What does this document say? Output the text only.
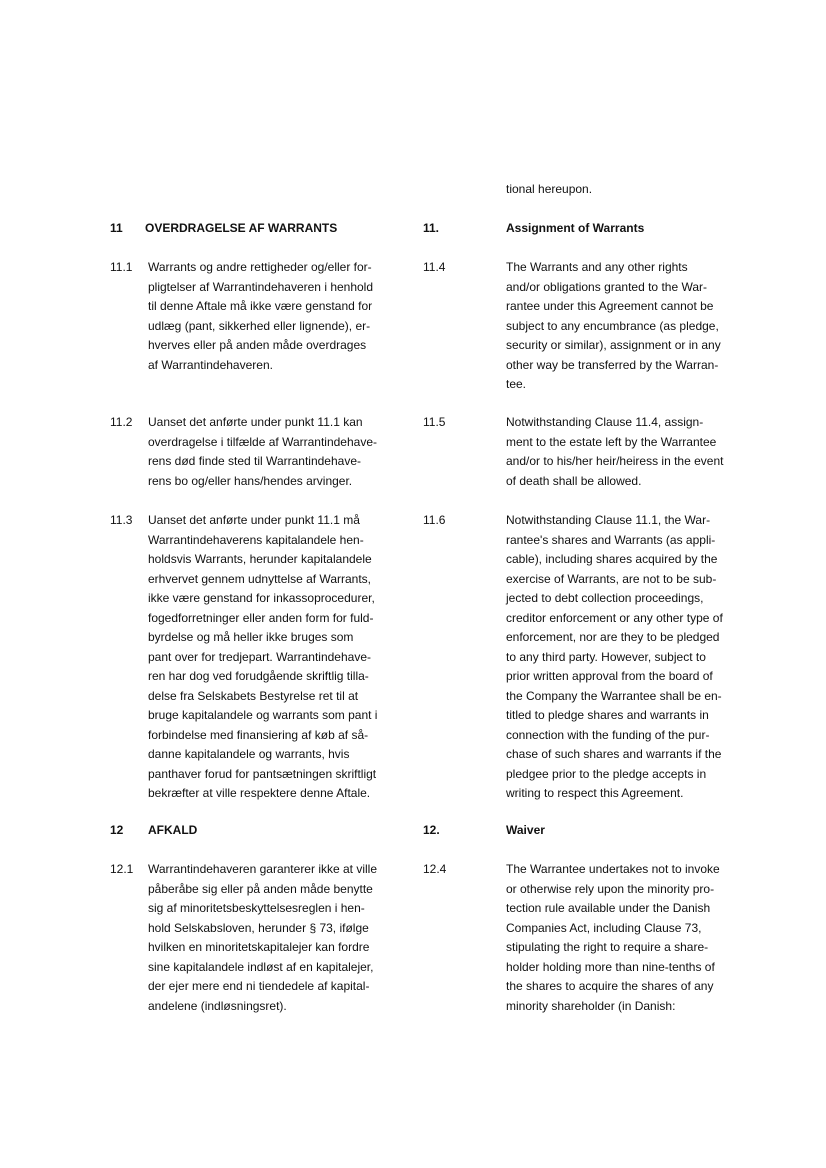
tional hereupon.
11 OVERDRAGELSE AF WARRANTS	11.	Assignment of Warrants
11.1 Warrants og andre rettigheder og/eller for-
pligtelser af Warrantindehaveren i henhold
til denne Aftale må ikke være genstand for
udlæg (pant, sikkerhed eller lignende), er-
hverves eller på anden måde overdrages
af Warrantindehaveren.
11.4	The Warrants and any other rights
and/or obligations granted to the War-
rantee under this Agreement cannot be
subject to any encumbrance (as pledge,
security or similar), assignment or in any
other way be transferred by the Warran-
tee.
11.2 Uanset det anførte under punkt 11.1 kan
overdragelse i tilfælde af Warrantindehave-
rens død finde sted til Warrantindehave-
rens bo og/eller hans/hendes arvinger.
11.5	Notwithstanding Clause 11.4, assign-
ment to the estate left by the Warrantee
and/or to his/her heir/heiress in the event
of death shall be allowed.
11.3 Uanset det anførte under punkt 11.1 må
Warrantindehaverens kapitalandele hen-
holdsvis Warrants, herunder kapitalandele
erhvervet gennem udnyttelse af Warrants,
ikke være genstand for inkassoprocedurer,
fogedforretninger eller anden form for fuld-
byrdelse og må heller ikke bruges som
pant over for tredjepart. Warrantindehave-
ren har dog ved forudgående skriftlig tilla-
delse fra Selskabets Bestyrelse ret til at
bruge kapitalandele og warrants som pant i
forbindelse med finansiering af køb af så-
danne kapitalandele og warrants, hvis
panthaver forud for pantsætningen skriftligt
bekræfter at ville respektere denne Aftale.
11.6	Notwithstanding Clause 11.1, the War-
rantee's shares and Warrants (as appli-
cable), including shares acquired by the
exercise of Warrants, are not to be sub-
jected to debt collection proceedings,
creditor enforcement or any other type of
enforcement, nor are they to be pledged
to any third party. However, subject to
prior written approval from the board of
the Company the Warrantee shall be en-
titled to pledge shares and warrants in
connection with the funding of the pur-
chase of such shares and warrants if the
pledgee prior to the pledge accepts in
writing to respect this Agreement.
12 AFKALD	12.	Waiver
12.1 Warrantindehaveren garanterer ikke at ville
påberåbe sig eller på anden måde benytte
sig af minoritetsbeskyttelsesreglen i hen-
hold Selskabsloven, herunder § 73, ifølge
hvilken en minoritetskapitalejer kan fordre
sine kapitalandele indløst af en kapitalejer,
der ejer mere end ni tiendedele af kapital-
andelene (indløsningsret).
12.4	The Warrantee undertakes not to invoke
or otherwise rely upon the minority pro-
tection rule available under the Danish
Companies Act, including Clause 73,
stipulating the right to require a share-
holder holding more than nine-tenths of
the shares to acquire the shares of any
minority shareholder (in Danish:
